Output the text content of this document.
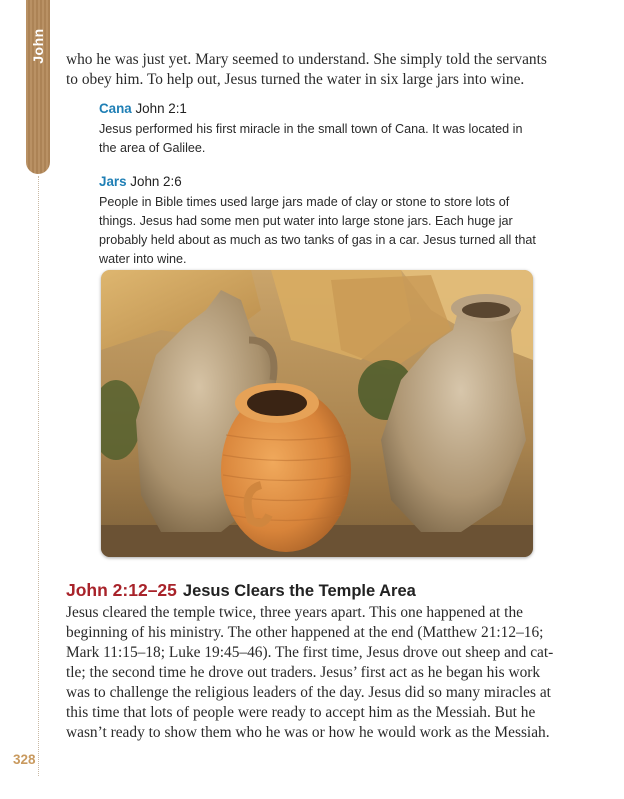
John who he was just yet. Mary seemed to understand. She simply told the servants
to obey him. To help out, Jesus turned the water in six large jars into wine.
Cana John 2:1
Jesus performed his first miracle in the small town of Cana. It was located in
the area of Galilee.
Jars John 2:6
People in Bible times used large jars made of clay or stone to store lots of
things. Jesus had some men put water into large stone jars. Each huge jar
probably held about as much as two tanks of gas in a car. Jesus turned all that
water into wine.
John 2:12–25 Jesus Clears the Temple Area
Jesus cleared the temple twice, three years apart. This one happened at the
beginning of his ministry. The other happened at the end (Matthew 21:12–16;
Mark 11:15–18; Luke 19:45–46). The first time, Jesus drove out sheep and cat-
tle; the second time he drove out traders. Jesus’ first act as he began his work
was to challenge the religious leaders of the day. Jesus did so many miracles at
this time that lots of people were ready to accept him as the Messiah. But he
wasn’t ready to show them who he was or how he would work as the Messiah.
328
